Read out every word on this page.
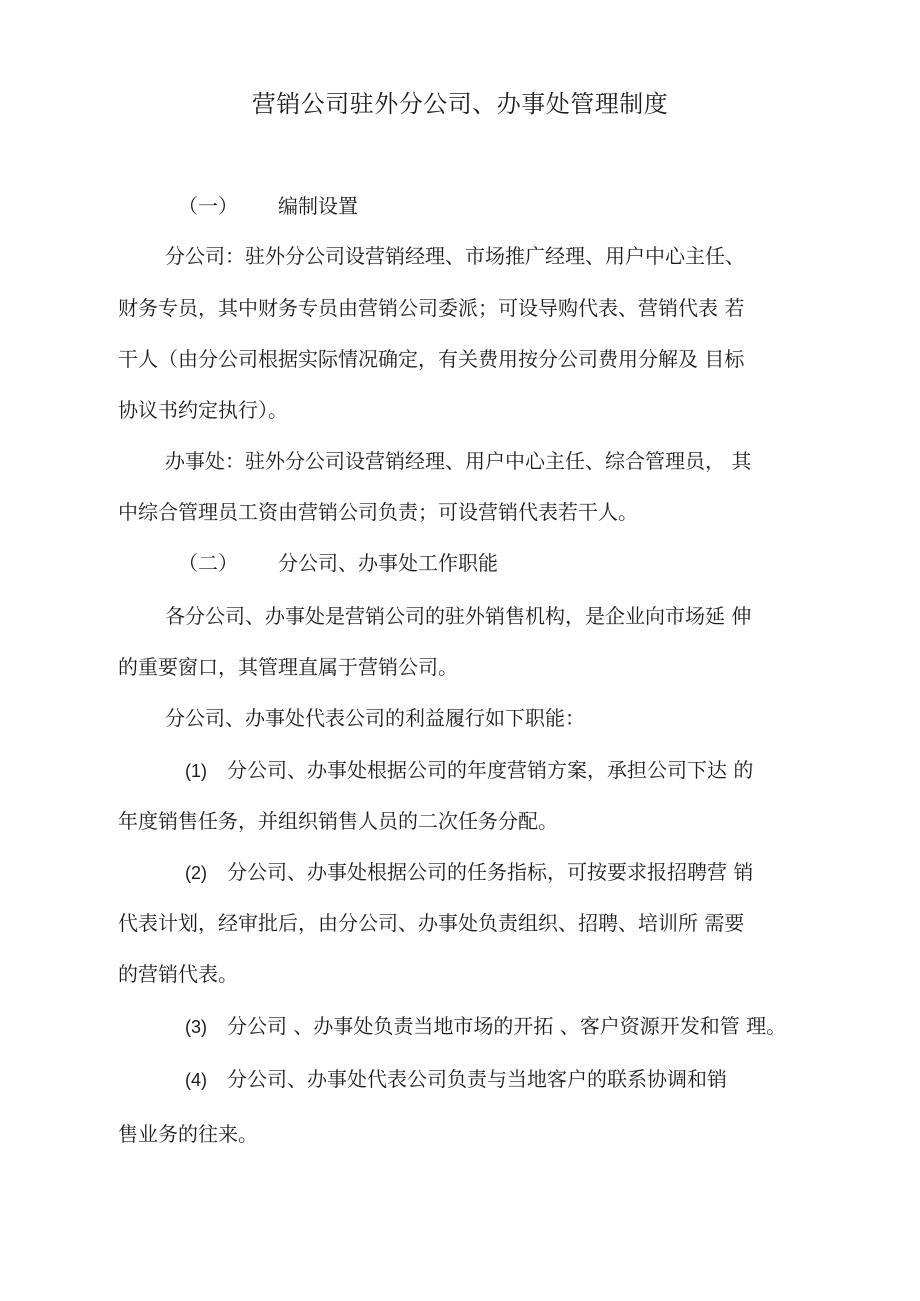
营销公司驻外分公司、办事处管理制度

（一） 编制设置

分公司：驻外分公司设营销经理、市场推广经理、用户中心主任、

财务专员，其中财务专员由营销公司委派；可设导购代表、营销代表 若

干人（由分公司根据实际情况确定，有关费用按分公司费用分解及 目标

协议书约定执行）。

办事处：驻外分公司设营销经理、用户中心主任、综合管理员， 其

中综合管理员工资由营销公司负责；可设营销代表若干人。

（二） 分公司、办事处工作职能

各分公司、办事处是营销公司的驻外销售机构，是企业向市场延 伸

的重要窗口，其管理直属于营销公司。

分公司、办事处代表公司的利益履行如下职能：

(1) 分公司、办事处根据公司的年度营销方案，承担公司下达 的

年度销售任务，并组织销售人员的二次任务分配。

(2) 分公司、办事处根据公司的任务指标，可按要求报招聘营 销

代表计划，经审批后，由分公司、办事处负责组织、招聘、培训所 需要

的营销代表。

(3) 分公司 、办事处负责当地市场的开拓 、客户资源开发和管 理。

(4) 分公司、办事处代表公司负责与当地客户的联系协调和销

售业务的往来。
